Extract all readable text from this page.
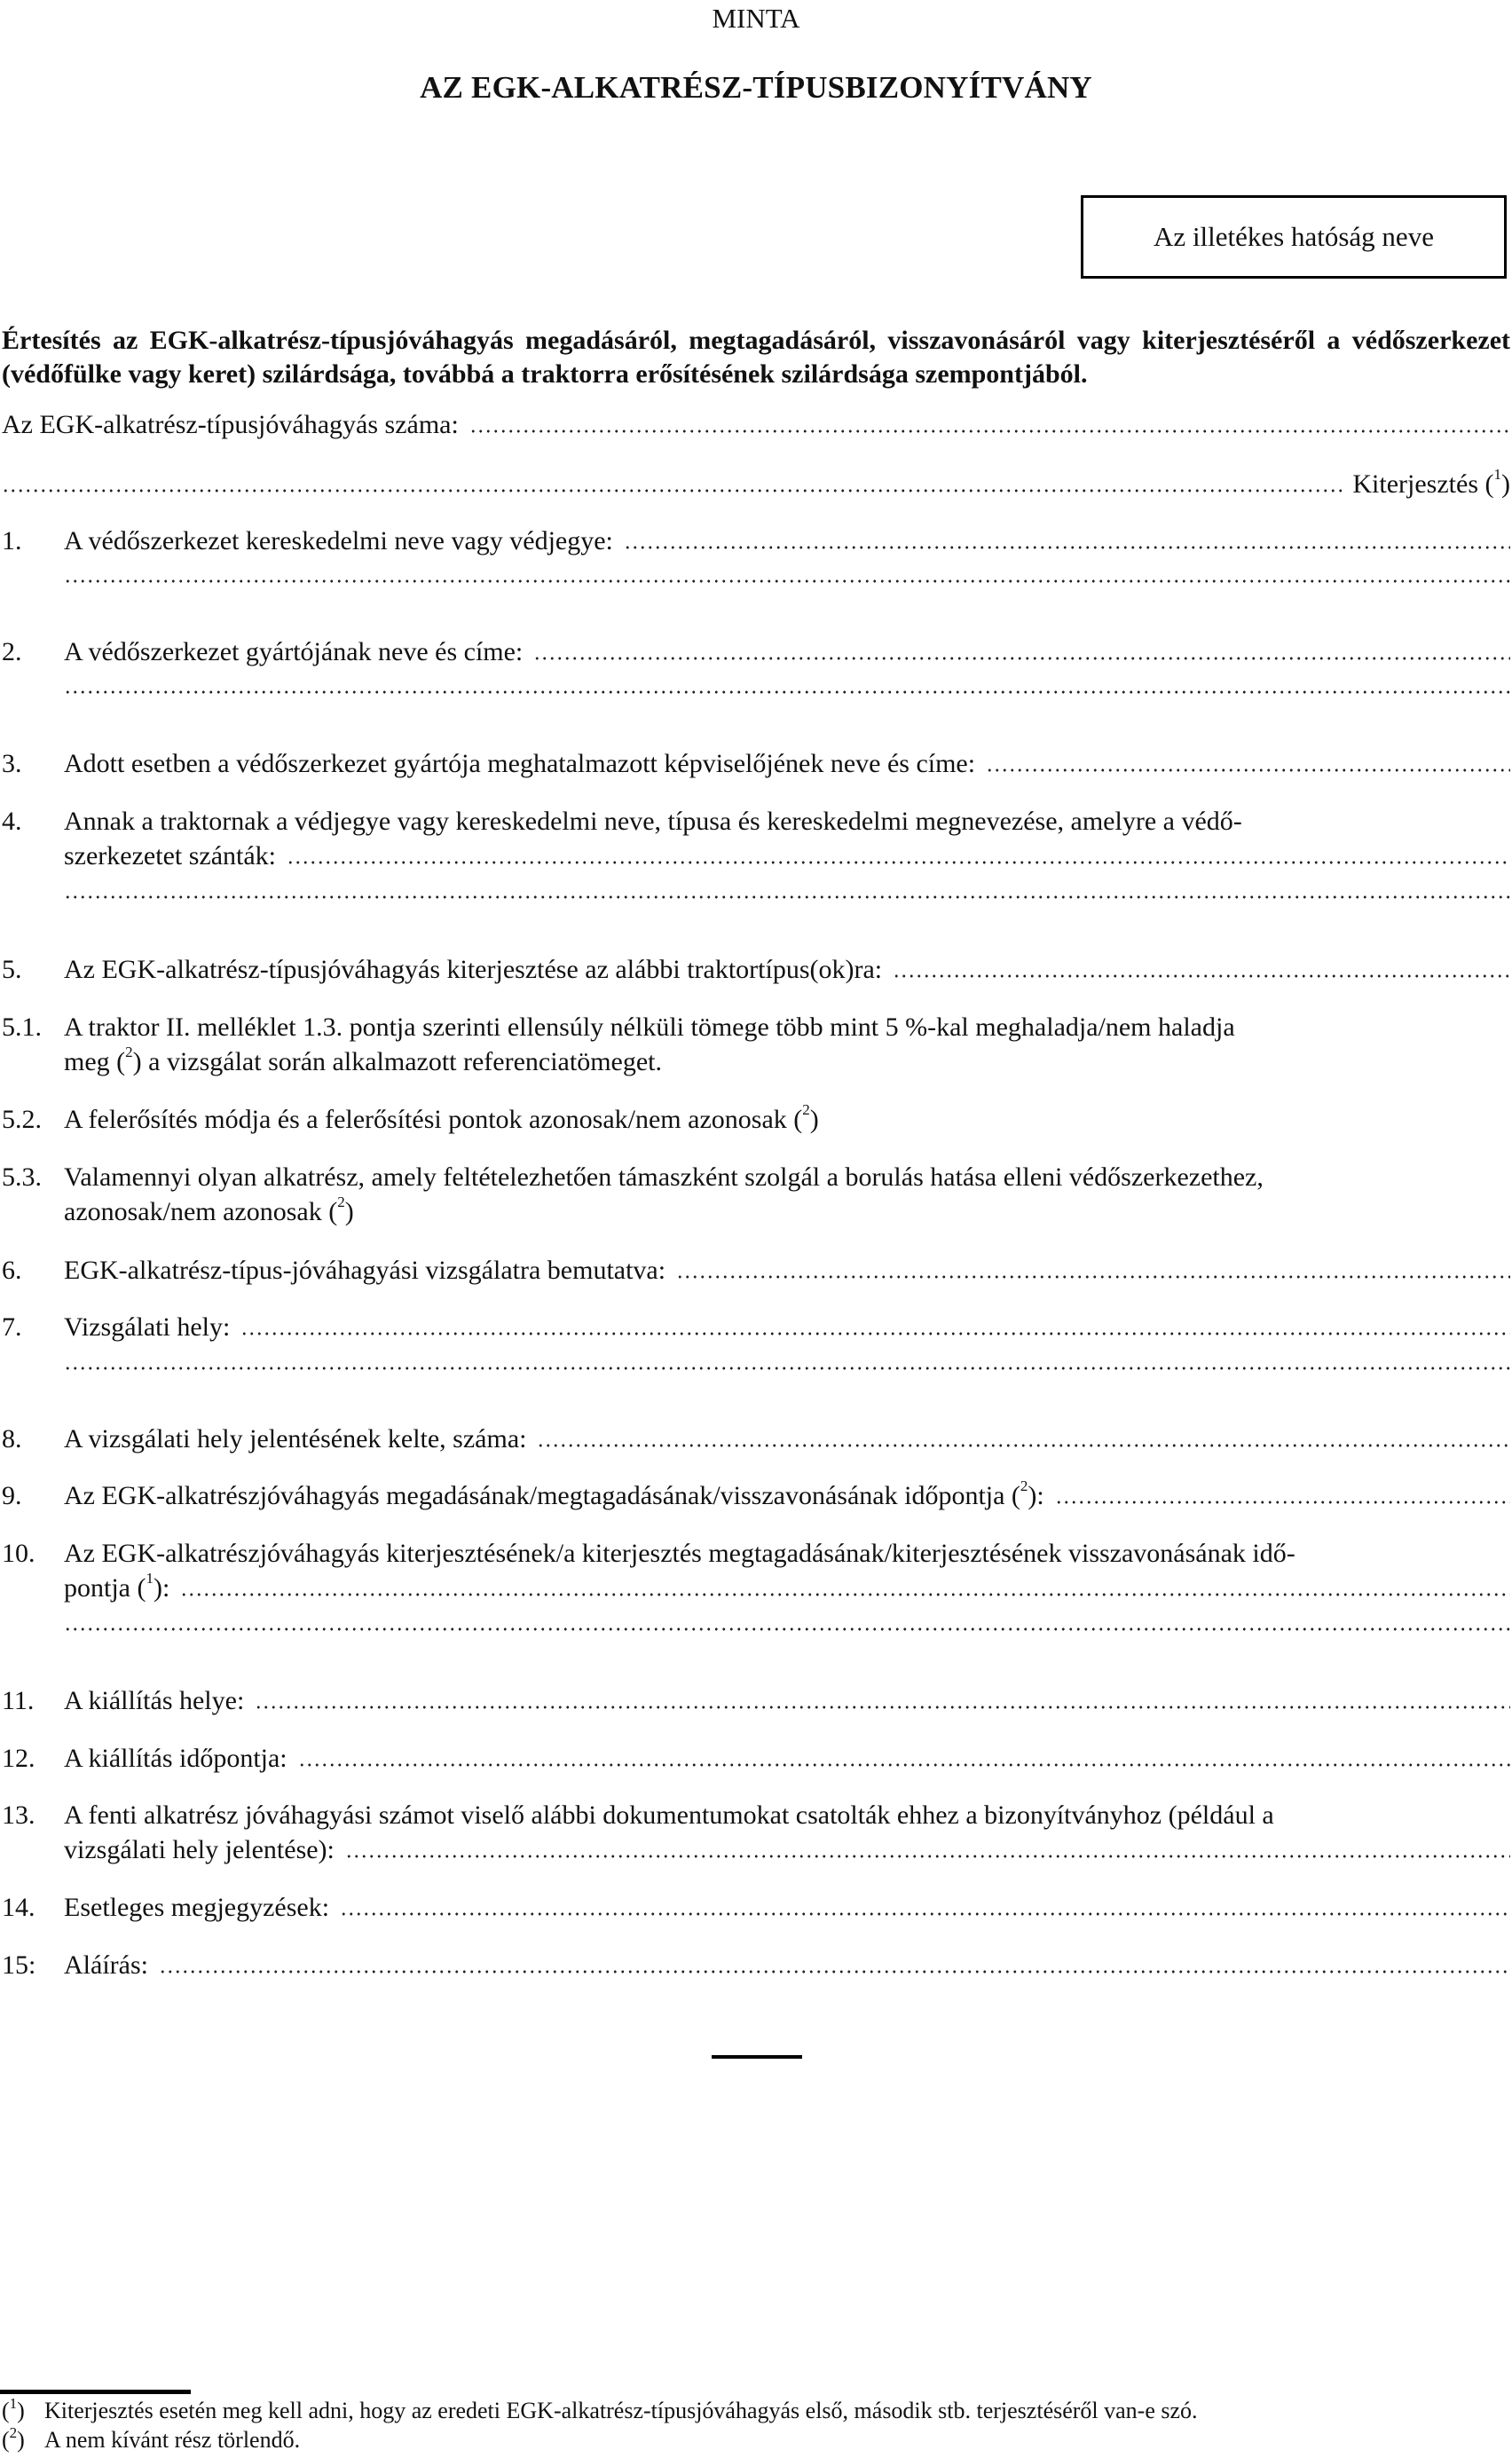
MINTA
AZ EGK-ALKATRÉSZ-TÍPUSBIZONYÍTVÁNY
Az illetékes hatóság neve
Értesítés az EGK-alkatrész-típusjóváhagyás megadásáról, megtagadásáról, visszavonásáról vagy kiterjesztéséről a védőszerkezet (védőfülke vagy keret) szilárdsága, továbbá a traktorra erősítésének szilárdsága szempontjából.
Az EGK-alkatrész-típusjóváhagyás száma:
Kiterjesztés ($^1$)
1.	A védőszerkezet kereskedelmi neve vagy védjegye:
2.	A védőszerkezet gyártójának neve és címe:
3.	Adott esetben a védőszerkezet gyártója meghatalmazott képviselőjének neve és címe:
4.	Annak a traktornak a védjegye vagy kereskedelmi neve, típusa és kereskedelmi megnevezése, amelyre a védő-
szerkezetet szánták:
5.	Az EGK-alkatrész-típusjóváhagyás kiterjesztése az alábbi traktortípus(ok)ra:
5.1. A traktor II. melléklet 1.3. pontja szerinti ellensúly nélküli tömege több mint 5 %-kal meghaladja/nem haladja
meg ($^2$) a vizsgálat során alkalmazott referenciatömeget.
5.2. A felerősítés módja és a felerősítési pontok azonosak/nem azonosak ($^2$)
5.3. Valamennyi olyan alkatrész, amely feltételezhetően támaszként szolgál a borulás hatása elleni védőszerkezethez,
azonosak/nem azonosak ($^2$)
6.	EGK-alkatrész-típus-jóváhagyási vizsgálatra bemutatva:
7.	Vizsgálati hely:
8.	A vizsgálati hely jelentésének kelte, száma:
9.	Az EGK-alkatrészjóváhagyás megadásának/megtagadásának/visszavonásának időpontja ($^2$):
10.	Az EGK-alkatrészjóváhagyás kiterjesztésének/a kiterjesztés megtagadásának/kiterjesztésének visszavonásának idő-
pontja ($^1$):
11.	A kiállítás helye:
12.	A kiállítás időpontja:
13.	A fenti alkatrész jóváhagyási számot viselő alábbi dokumentumokat csatolták ehhez a bizonyítványhoz (például a
vizsgálati hely jelentése):
14.	Esetleges megjegyzések:
15:	Aláírás:
($^1$) Kiterjesztés esetén meg kell adni, hogy az eredeti EGK-alkatrész-típusjóváhagyás első, második stb. terjesztéséről van-e szó.
($^2$) A nem kívánt rész törlendő.
